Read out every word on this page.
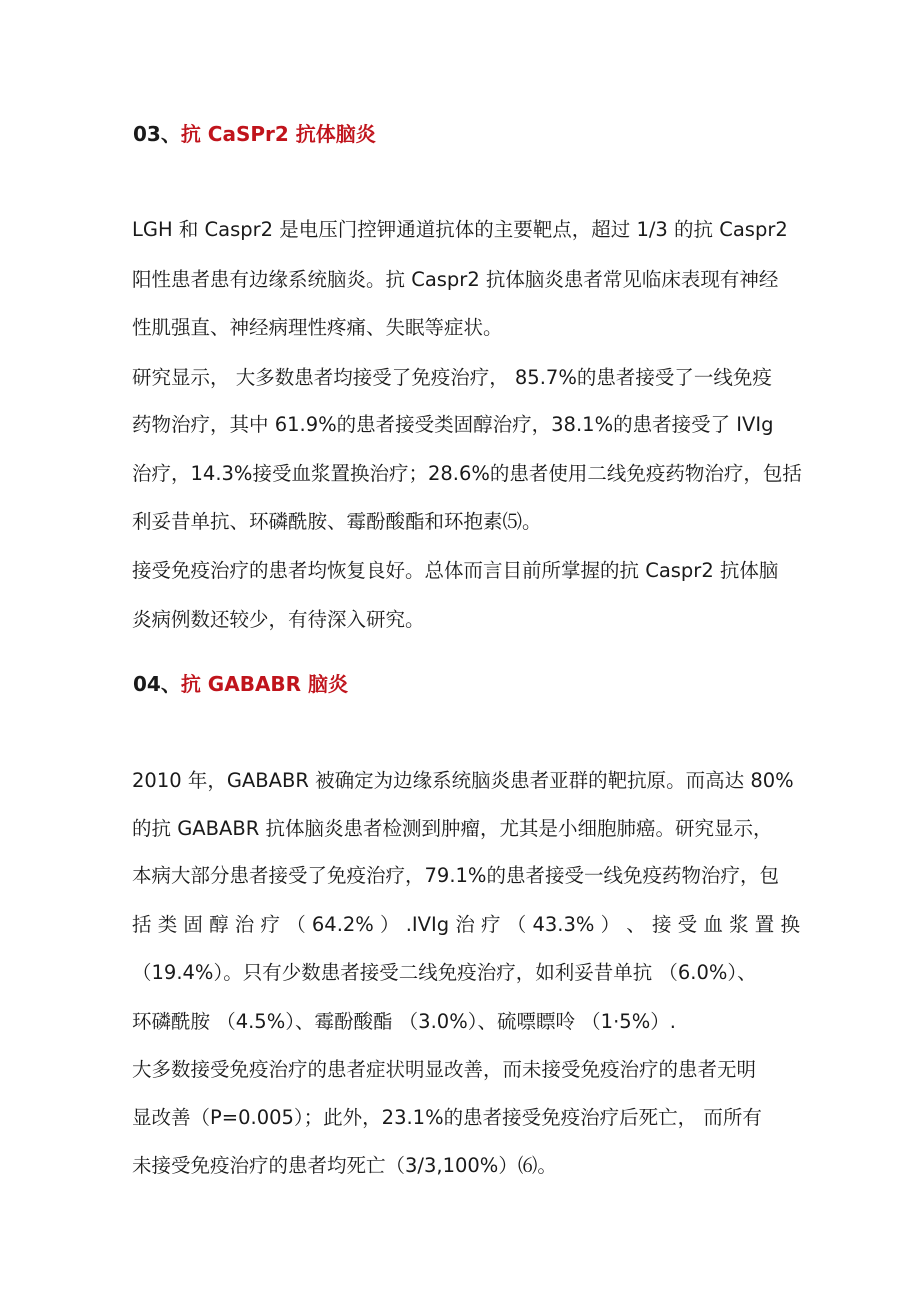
03、抗 CaSPr2 抗体脑炎
LGH 和 Caspr2 是电压门控钾通道抗体的主要靶点，超过 1/3 的抗 Caspr2
阳性患者患有边缘系统脑炎。抗 Caspr2 抗体脑炎患者常见临床表现有神经
性肌强直、神经病理性疼痛、失眠等症状。
研究显示， 大多数患者均接受了免疫治疗， 85.7%的患者接受了一线免疫
药物治疗，其中 61.9%的患者接受类固醇治疗，38.1%的患者接受了 IVIg
治疗，14.3%接受血浆置换治疗；28.6%的患者使用二线免疫药物治疗，包括
利妥昔单抗、环磷酰胺、霉酚酸酯和环抱素⑸。
接受免疫治疗的患者均恢复良好。总体而言目前所掌握的抗 Caspr2 抗体脑
炎病例数还较少，有待深入研究。
04、抗 GABABR 脑炎
2010 年，GABABR 被确定为边缘系统脑炎患者亚群的靶抗原。而高达 80%
的抗 GABABR 抗体脑炎患者检测到肿瘤，尤其是小细胞肺癌。研究显示，
本病大部分患者接受了免疫治疗，79.1%的患者接受一线免疫药物治疗，包
括 类 固 醇 治 疗 （ 64.2% ） .IVIg 治 疗 （ 43.3% ） 、 接 受 血 浆 置 换
（19.4%）。只有少数患者接受二线免疫治疗，如利妥昔单抗 （6.0%）、
环磷酰胺 （4.5%）、霉酚酸酯 （3.0%）、硫嘌瞟呤 （1·5%）.
大多数接受免疫治疗的患者症状明显改善，而未接受免疫治疗的患者无明
显改善（P=0.005）；此外，23.1%的患者接受免疫治疗后死亡， 而所有
未接受免疫治疗的患者均死亡（3/3,100%）⑹。
